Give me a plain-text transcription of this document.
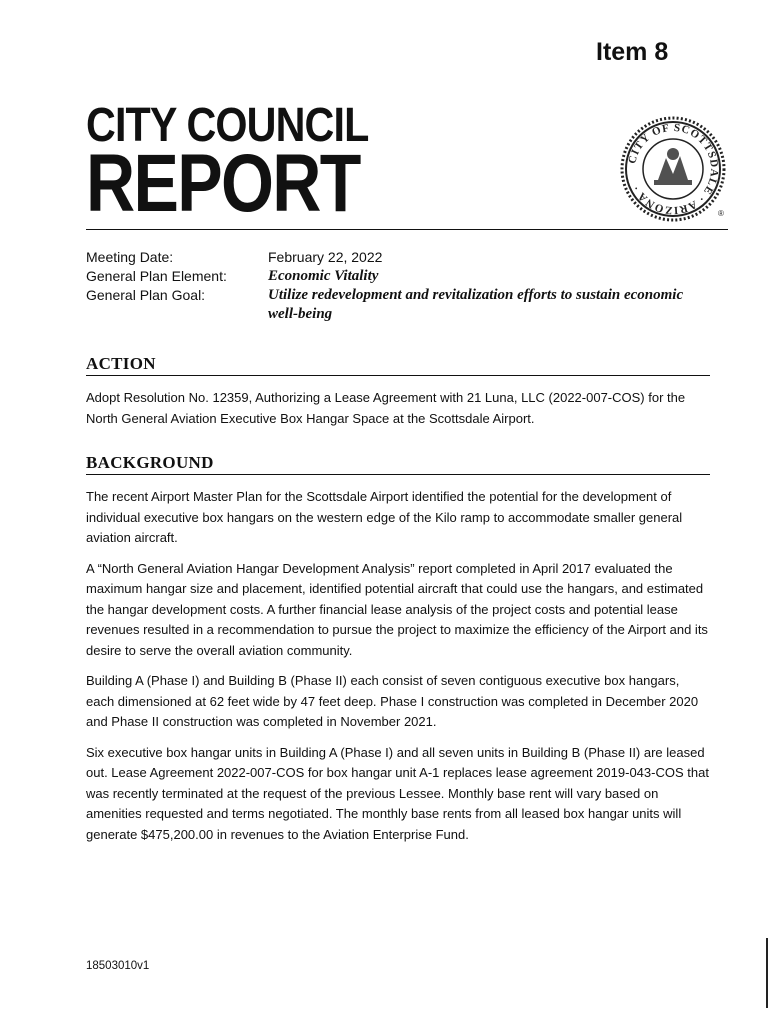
Item 8
CITY COUNCIL
REPORT	CITY OF SCOTTSDALE · ARIZONA ·
®
Meeting Date:	February 22, 2022
General Plan Element:	Economic Vitality
General Plan Goal:	Utilize redevelopment and revitalization efforts to sustain economic well-being
ACTION

Adopt Resolution No. 12359, Authorizing a Lease Agreement with 21 Luna, LLC (2022-007-COS) for the North General Aviation Executive Box Hangar Space at the Scottsdale Airport.

BACKGROUND

The recent Airport Master Plan for the Scottsdale Airport identified the potential for the development of individual executive box hangars on the western edge of the Kilo ramp to accommodate smaller general aviation aircraft.

A “North General Aviation Hangar Development Analysis” report completed in April 2017 evaluated the maximum hangar size and placement, identified potential aircraft that could use the hangars, and estimated the hangar development costs. A further financial lease analysis of the project costs and potential lease revenues resulted in a recommendation to pursue the project to maximize the efficiency of the Airport and its desire to serve the overall aviation community.

Building A (Phase I) and Building B (Phase II) each consist of seven contiguous executive box hangars, each dimensioned at 62 feet wide by 47 feet deep. Phase I construction was completed in December 2020 and Phase II construction was completed in November 2021.

Six executive box hangar units in Building A (Phase I) and all seven units in Building B (Phase II) are leased out. Lease Agreement 2022-007-COS for box hangar unit A-1 replaces lease agreement 2019-043-COS that was recently terminated at the request of the previous Lessee. Monthly base rent will vary based on amenities requested and terms negotiated. The monthly base rents from all leased box hangar units will generate $475,200.00 in revenues to the Aviation Enterprise Fund.

18503010v1
